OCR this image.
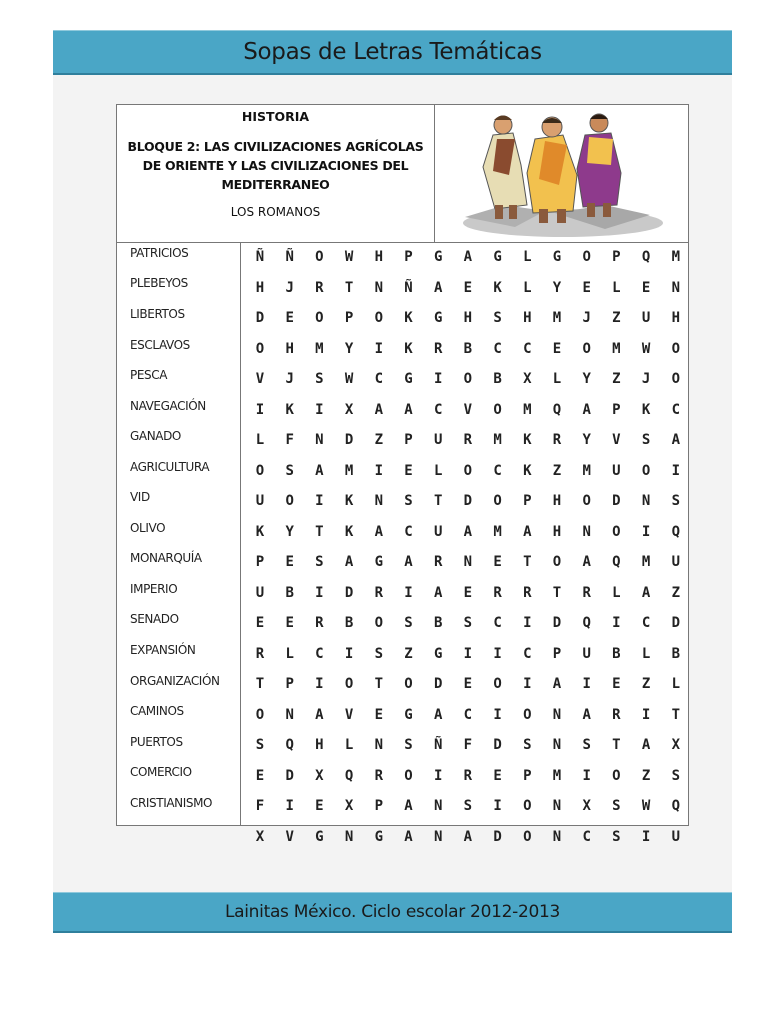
Sopas de Letras Temáticas
HISTORIA
BLOQUE 2: LAS CIVILIZACIONES AGRÍCOLAS
DE ORIENTE Y LAS CIVILIZACIONES DEL
MEDITERRANEO
LOS ROMANOS
PATRICIOS
PLEBEYOS
LIBERTOS
ESCLAVOS
PESCA
NAVEGACIÓN
GANADO
AGRICULTURA
VID
OLIVO
MONARQUÍA
IMPERIO
SENADO
EXPANSIÓN
ORGANIZACIÓN
CAMINOS
PUERTOS
COMERCIO
CRISTIANISMO
Ñ	Ñ	O	W	H	P	G	A	G	L	G	O	P	Q	M
H	J	R	T	N	Ñ	A	E	K	L	Y	E	L	E	N
D	E	O	P	O	K	G	H	S	H	M	J	Z	U	H
O	H	M	Y	I	K	R	B	C	C	E	O	M	W	O
V	J	S	W	C	G	I	O	B	X	L	Y	Z	J	O
I	K	I	X	A	A	C	V	O	M	Q	A	P	K	C
L	F	N	D	Z	P	U	R	M	K	R	Y	V	S	A
O	S	A	M	I	E	L	O	C	K	Z	M	U	O	I
U	O	I	K	N	S	T	D	O	P	H	O	D	N	S
K	Y	T	K	A	C	U	A	M	A	H	N	O	I	Q
P	E	S	A	G	A	R	N	E	T	O	A	Q	M	U
U	B	I	D	R	I	A	E	R	R	T	R	L	A	Z
E	E	R	B	O	S	B	S	C	I	D	Q	I	C	D
R	L	C	I	S	Z	G	I	I	C	P	U	B	L	B
T	P	I	O	T	O	D	E	O	I	A	I	E	Z	L
O	N	A	V	E	G	A	C	I	O	N	A	R	I	T
S	Q	H	L	N	S	Ñ	F	D	S	N	S	T	A	X
E	D	X	Q	R	O	I	R	E	P	M	I	O	Z	S
F	I	E	X	P	A	N	S	I	O	N	X	S	W	Q
X	V	G	N	G	A	N	A	D	O	N	C	S	I	U
Lainitas México. Ciclo escolar 2012-2013
